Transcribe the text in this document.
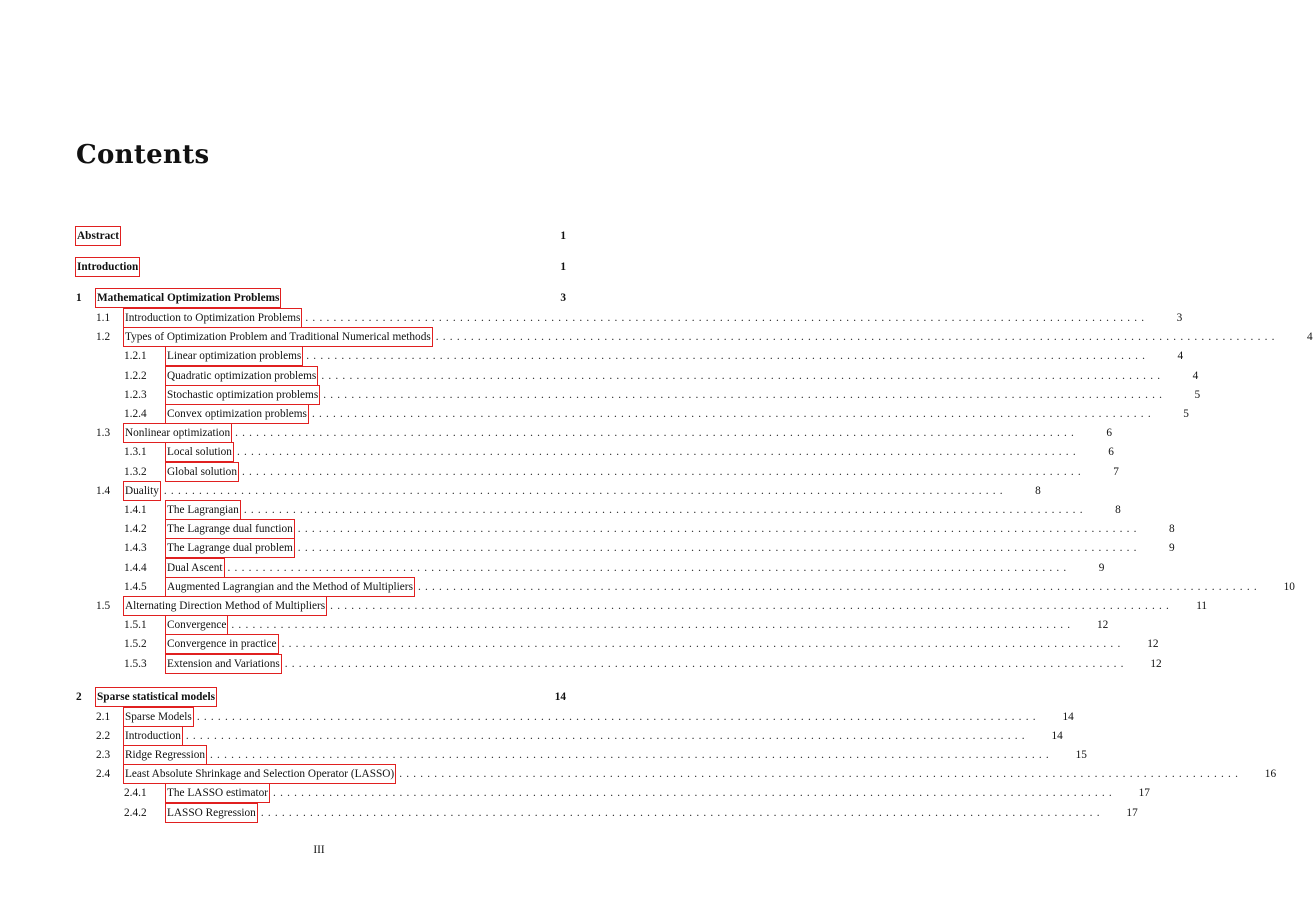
Contents
Abstract	1
Introduction	1
1	Mathematical Optimization Problems	3
1.1	Introduction to Optimization Problems ........................................................................................................................	3
1.2	Types of Optimization Problem and Traditional Numerical methods ........................................................................................................................	4
1.2.1	Linear optimization problems ........................................................................................................................	4
1.2.2	Quadratic optimization problems ........................................................................................................................	4
1.2.3	Stochastic optimization problems ........................................................................................................................	5
1.2.4	Convex optimization problems ........................................................................................................................	5
1.3	Nonlinear optimization ........................................................................................................................	6
1.3.1	Local solution ........................................................................................................................	6
1.3.2	Global solution ........................................................................................................................	7
1.4	Duality ........................................................................................................................	8
1.4.1	The Lagrangian ........................................................................................................................	8
1.4.2	The Lagrange dual function ........................................................................................................................	8
1.4.3	The Lagrange dual problem ........................................................................................................................	9
1.4.4	Dual Ascent ........................................................................................................................	9
1.4.5	Augmented Lagrangian and the Method of Multipliers ........................................................................................................................	10
1.5	Alternating Direction Method of Multipliers ........................................................................................................................	11
1.5.1	Convergence ........................................................................................................................	12
1.5.2	Convergence in practice ........................................................................................................................	12
1.5.3	Extension and Variations ........................................................................................................................	12
2	Sparse statistical models	14
2.1	Sparse Models ........................................................................................................................	14
2.2	Introduction ........................................................................................................................	14
2.3	Ridge Regression ........................................................................................................................	15
2.4	Least Absolute Shrinkage and Selection Operator (LASSO) ........................................................................................................................	16
2.4.1	The LASSO estimator ........................................................................................................................	17
2.4.2	LASSO Regression ........................................................................................................................	17
III
